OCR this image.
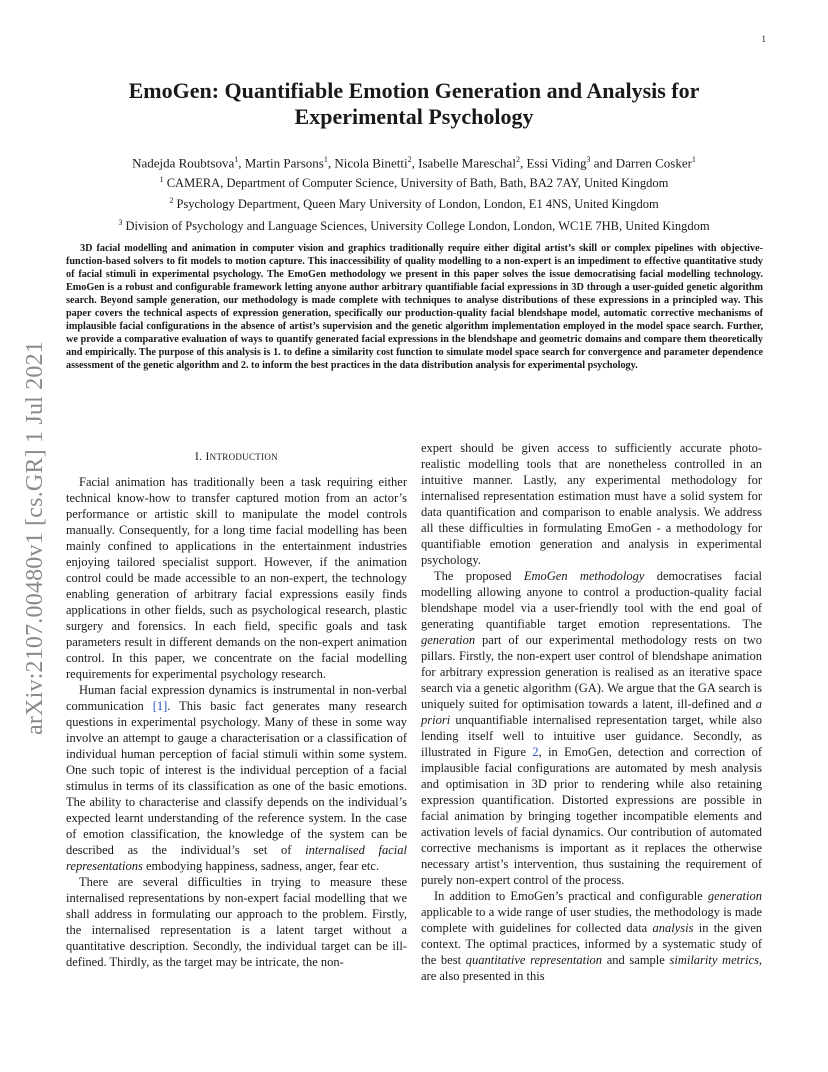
1
arXiv:2107.00480v1 [cs.GR] 1 Jul 2021
EmoGen: Quantifiable Emotion Generation and Analysis for Experimental Psychology
Nadejda Roubtsova$^1$, Martin Parsons$^1$, Nicola Binetti$^2$, Isabelle Mareschal$^2$, Essi Viding$^3$ and Darren Cosker$^1$
$^1$ CAMERA, Department of Computer Science, University of Bath, Bath, BA2 7AY, United Kingdom
$^2$ Psychology Department, Queen Mary University of London, London, E1 4NS, United Kingdom
$^3$ Division of Psychology and Language Sciences, University College London, London, WC1E 7HB, United Kingdom

3D facial modelling and animation in computer vision and graphics traditionally require either digital artist’s skill or complex pipelines with objective-function-based solvers to fit models to motion capture. This inaccessibility of quality modelling to a non-expert is an impediment to effective quantitative study of facial stimuli in experimental psychology. The EmoGen methodology we present in this paper solves the issue democratising facial modelling technology. EmoGen is a robust and configurable framework letting anyone author arbitrary quantifiable facial expressions in 3D through a user-guided genetic algorithm search. Beyond sample generation, our methodology is made complete with techniques to analyse distributions of these expressions in a principled way. This paper covers the technical aspects of expression generation, specifically our production-quality facial blendshape model, automatic corrective mechanisms of implausible facial configurations in the absence of artist’s supervision and the genetic algorithm implementation employed in the model space search. Further, we provide a comparative evaluation of ways to quantify generated facial expressions in the blendshape and geometric domains and compare them theoretically and empirically. The purpose of this analysis is 1. to define a similarity cost function to simulate model space search for convergence and parameter dependence assessment of the genetic algorithm and 2. to inform the best practices in the data distribution analysis for experimental psychology.

I. INTRODUCTION

Facial animation has traditionally been a task requiring either technical know-how to transfer captured motion from an actor’s performance or artistic skill to manipulate the model controls manually. Consequently, for a long time facial modelling has been mainly confined to applications in the entertainment industries enjoying tailored specialist support. However, if the animation control could be made accessible to an non-expert, the technology enabling generation of arbitrary facial expressions easily finds applications in other fields, such as psychological research, plastic surgery and forensics. In each field, specific goals and task parameters result in different demands on the non-expert animation control. In this paper, we concentrate on the facial modelling requirements for experimental psychology research.

Human facial expression dynamics is instrumental in non-verbal communication [1]. This basic fact generates many research questions in experimental psychology. Many of these in some way involve an attempt to gauge a characterisation or a classification of individual human perception of facial stimuli within some system. One such topic of interest is the individual perception of a facial stimulus in terms of its classification as one of the basic emotions. The ability to characterise and classify depends on the individual’s expected learnt understanding of the reference system. In the case of emotion classification, the knowledge of the system can be described as the individual’s set of internalised facial representations embodying happiness, sadness, anger, fear etc.

There are several difficulties in trying to measure these internalised representations by non-expert facial modelling that we shall address in formulating our approach to the problem. Firstly, the internalised representation is a latent target without a quantitative description. Secondly, the individual target can be ill-defined. Thirdly, as the target may be intricate, the non-

expert should be given access to sufficiently accurate photo-realistic modelling tools that are nonetheless controlled in an intuitive manner. Lastly, any experimental methodology for internalised representation estimation must have a solid system for data quantification and comparison to enable analysis. We address all these difficulties in formulating EmoGen - a methodology for quantifiable emotion generation and analysis in experimental psychology.

The proposed EmoGen methodology democratises facial modelling allowing anyone to control a production-quality facial blendshape model via a user-friendly tool with the end goal of generating quantifiable target emotion representations. The generation part of our experimental methodology rests on two pillars. Firstly, the non-expert user control of blendshape animation for arbitrary expression generation is realised as an iterative space search via a genetic algorithm (GA). We argue that the GA search is uniquely suited for optimisation towards a latent, ill-defined and a priori unquantifiable internalised representation target, while also lending itself well to intuitive user guidance. Secondly, as illustrated in Figure 2, in EmoGen, detection and correction of implausible facial configurations are automated by mesh analysis and optimisation in 3D prior to rendering while also retaining expression quantification. Distorted expressions are possible in facial animation by bringing together incompatible elements and activation levels of facial dynamics. Our contribution of automated corrective mechanisms is important as it replaces the otherwise necessary artist’s intervention, thus sustaining the requirement of purely non-expert control of the process.

In addition to EmoGen’s practical and configurable generation applicable to a wide range of user studies, the methodology is made complete with guidelines for collected data analysis in the given context. The optimal practices, informed by a systematic study of the best quantitative representation and sample similarity metrics, are also presented in this
